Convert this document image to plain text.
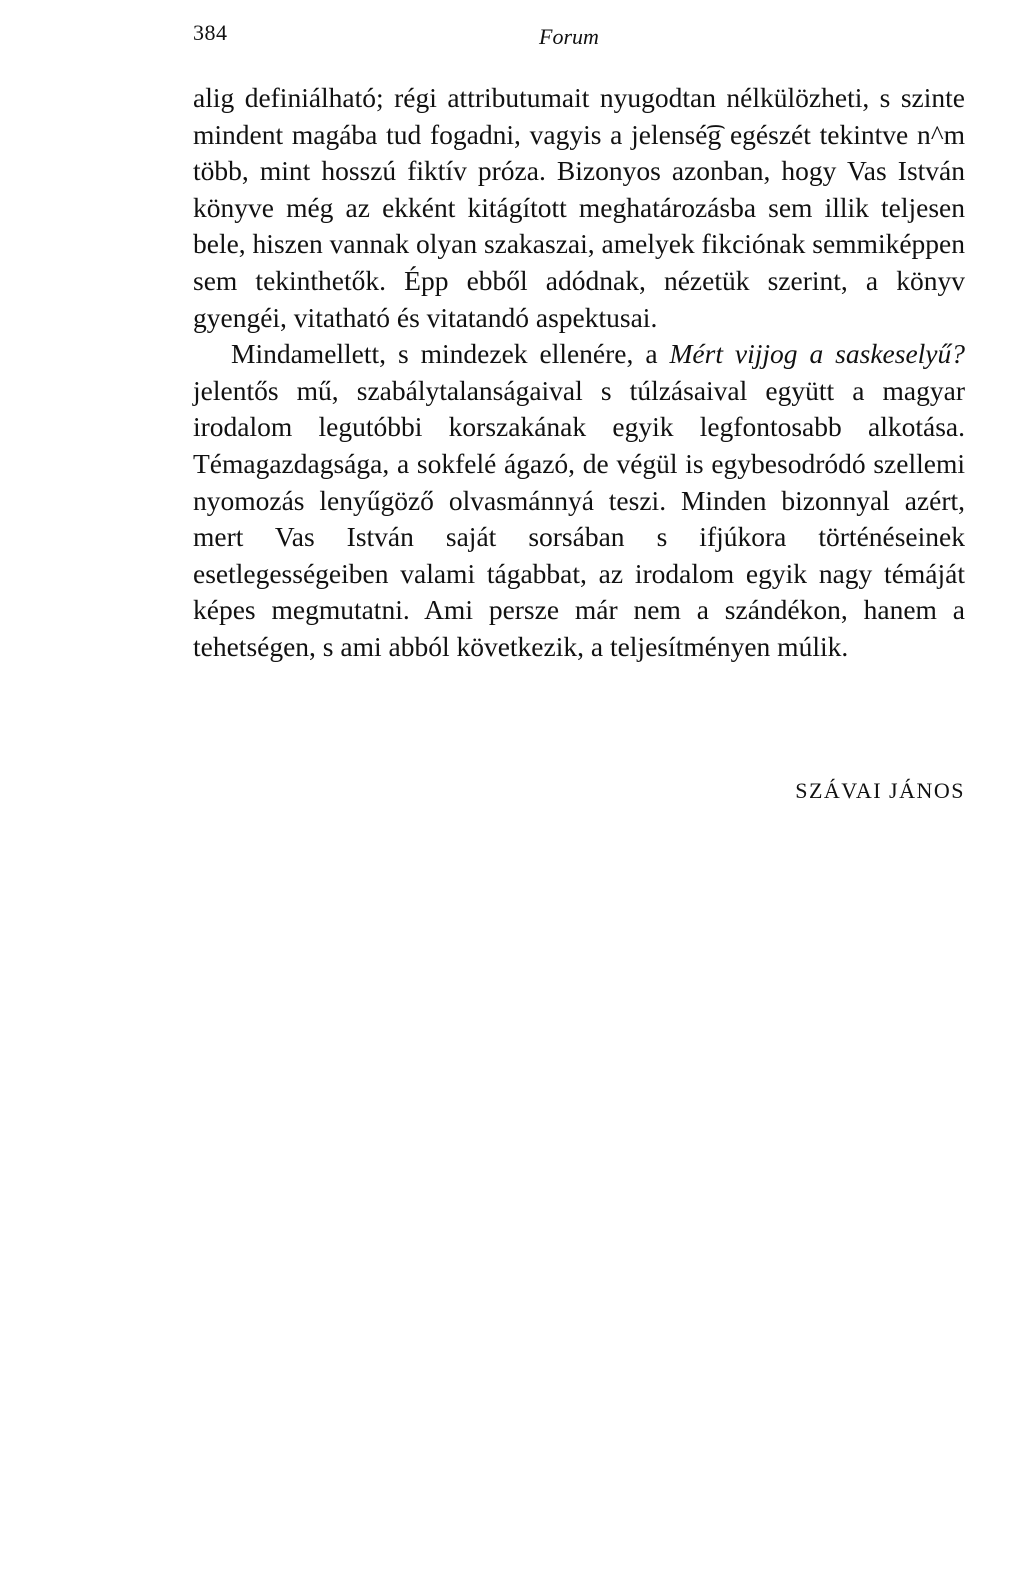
384	Forum

alig definiálható; régi attributumait nyugodtan nélkülözheti, s szinte mindent magába tud fogadni, vagyis a jelensé͡g egészét tekintve n^m több, mint hosszú fiktív próza. Bizonyos azonban, hogy Vas István könyve még az ekként kitágított meghatározásba sem illik teljesen bele, hiszen vannak olyan szakaszai, amelyek fikciónak semmiképpen sem tekinthetők. Épp ebből adódnak, nézetük szerint, a könyv gyengéi, vitatható és vitatandó aspektusai.

Mindamellett, s mindezek ellenére, a Mért vijjog a saskeselyű? jelentős mű, szabálytalanságaival s túlzásaival együtt a magyar irodalom legutóbbi korszakának egyik legfontosabb alkotása. Témagazdagsága, a sokfelé ágazó, de végül is egybesodródó szellemi nyomozás lenyűgöző olvasmánnyá teszi. Minden bizonnyal azért, mert Vas István saját sorsában s ifjúkora történéseinek esetlegességeiben valami tágabbat, az irodalom egyik nagy témáját képes megmutatni. Ami persze már nem a szándékon, hanem a tehetségen, s ami abból következik, a teljesítményen múlik.

SZÁVAI JÁNOS
